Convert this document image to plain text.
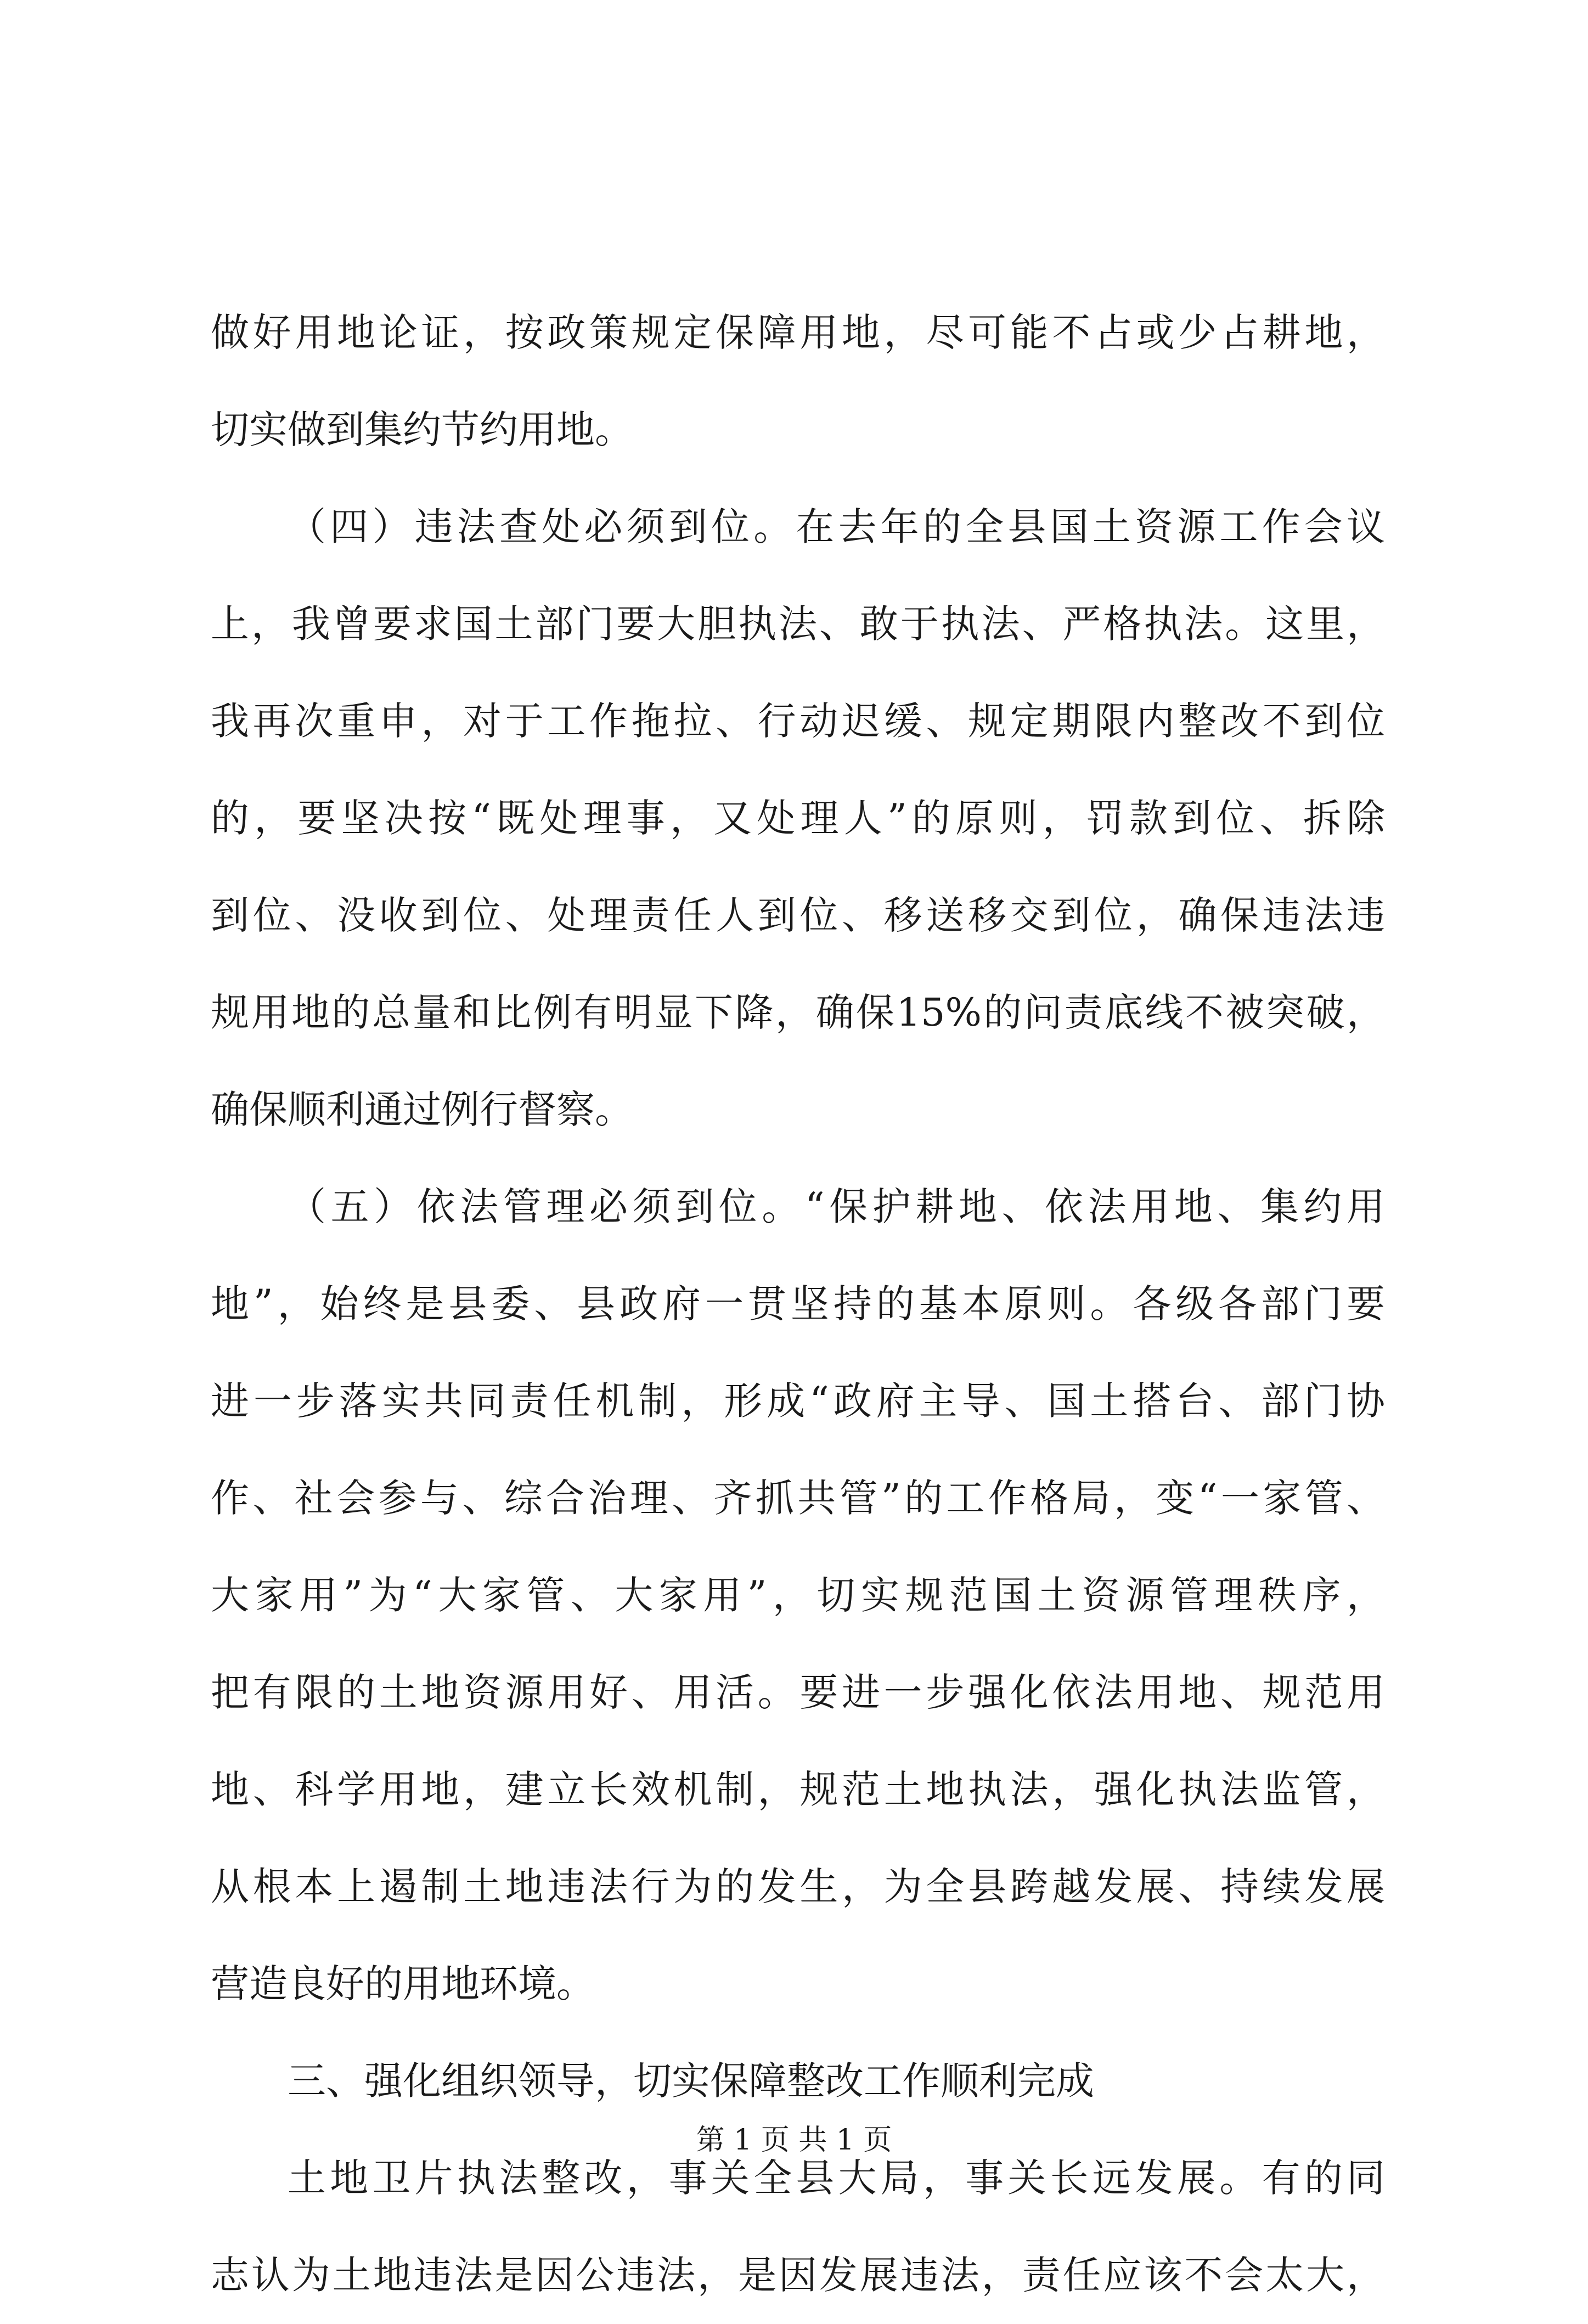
做好用地论证，按政策规定保障用地，尽可能不占或少占耕地，
切实做到集约节约用地。
（四）违法查处必须到位。在去年的全县国土资源工作会议
上，我曾要求国土部门要大胆执法、敢于执法、严格执法。这里，
我再次重申，对于工作拖拉、行动迟缓、规定期限内整改不到位
的，要坚决按“既处理事，又处理人”的原则，罚款到位、拆除
到位、没收到位、处理责任人到位、移送移交到位，确保违法违
规用地的总量和比例有明显下降，确保15%的问责底线不被突破，
确保顺利通过例行督察。
（五）依法管理必须到位。“保护耕地、依法用地、集约用
地”，始终是县委、县政府一贯坚持的基本原则。各级各部门要
进一步落实共同责任机制，形成“政府主导、国土搭台、部门协
作、社会参与、综合治理、齐抓共管”的工作格局，变“一家管、
大家用”为“大家管、大家用”，切实规范国土资源管理秩序，
把有限的土地资源用好、用活。要进一步强化依法用地、规范用
地、科学用地，建立长效机制，规范土地执法，强化执法监管，
从根本上遏制土地违法行为的发生，为全县跨越发展、持续发展
营造良好的用地环境。
三、强化组织领导，切实保障整改工作顺利完成
土地卫片执法整改，事关全县大局，事关长远发展。有的同
志认为土地违法是因公违法，是因发展违法，责任应该不会太大，
第 1 页 共 1 页
